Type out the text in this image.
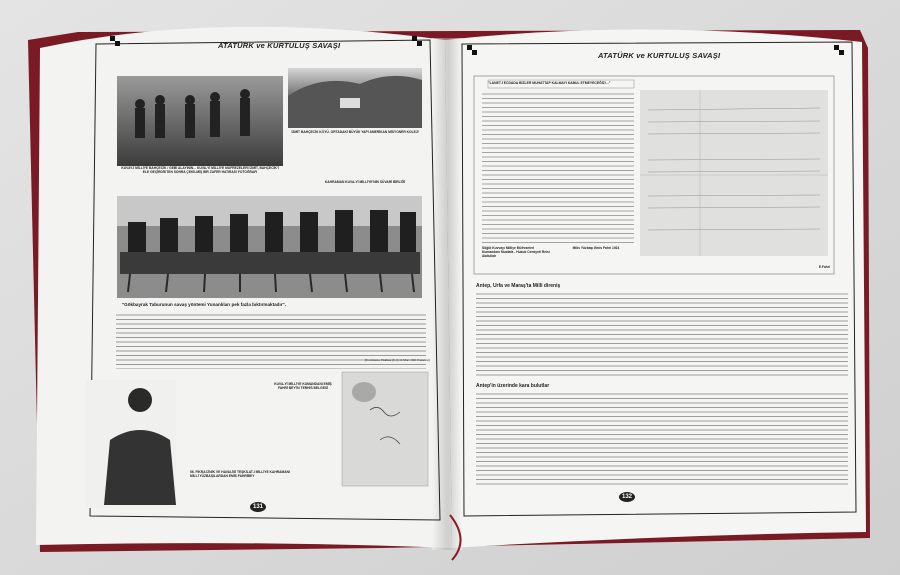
ATATÜRK ve KURTULUŞ SAVAŞI
KUVAY-İ MİLLİYE BAHÇECİK / GEBİ ALAYININ... KUVA-Yİ MİLLİYE MÜFREZELERİ İZMİT, BAHÇECİK'İ ELE GEÇİRDİKTEN SONRA ÇEKİLMİŞ BİR ZAFER HATIRASI FOTOĞRAFI
İZMİT BAHÇECİK KÖYÜ. ORTADAKİ BÜYÜK YAPI AMERİKAN MİSYONER KOLEJİ
KAHRAMAN KUVA-Yİ MİLLİYE'NİN SÜVARİ BİRLİĞİ
"Gökbayrak Taburunun savaş yöntemi Yunanlıları pek fazla bıktırmaktadır".
(Tercüman-ı Hakikat (9-4) 14 Mart 1921 Pazartesi)
KUVA-Yİ MİLLİYE KUMANDANI EMİŞ FAHRİ BEY'İN TERHİS BELGESİ
56. FIKRA İZNİK VE HAVALİSİ TEŞKİLAT-I MİLLİYE KAHRAMANI MİLLİ YÜZBAŞILARDAN EMİS FAHRİBEY
131
ATATÜRK ve KURTULUŞ SAVAŞI
"LANET-İ ECDADA BİZLER MUHATTAP KALMAYI KABUL ETMEYECEĞİZ!..."
Söğüt Kuvvayı Milliye Müfrezeleri Kumandanı Mustafa - Hukuk Cemiyeti Reisi Abdullah
Milis Yüzbaşı Emis Fahri 1924
E.Fahri
Antep, Urfa ve Maraş'ta Milli direniş
Antep'in üzerinde kara bulutlar
132
